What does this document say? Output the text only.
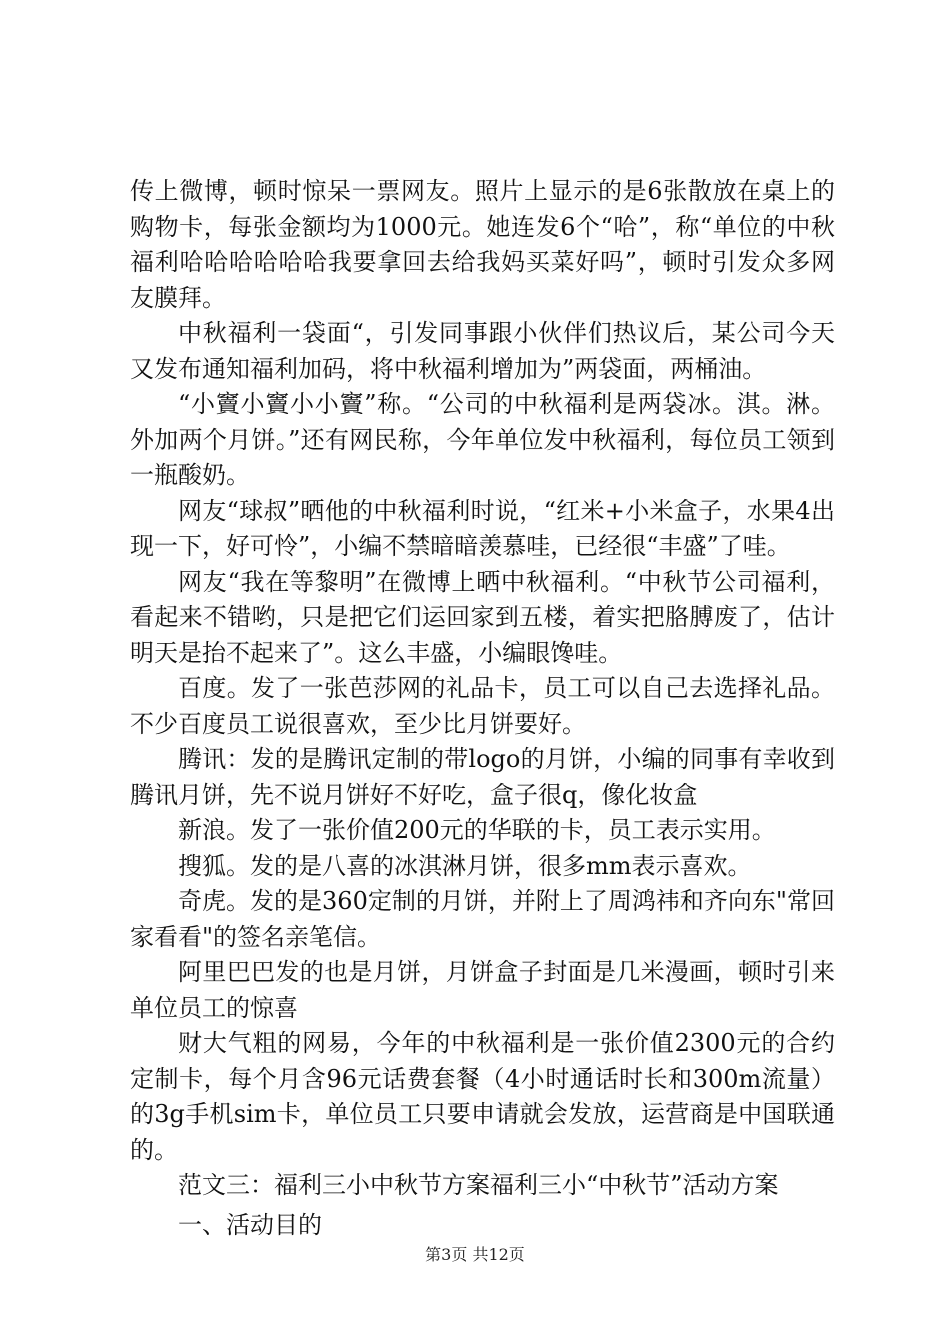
传上微博，顿时惊呆一票网友。照片上显示的是6张散放在桌上的购物卡，每张金额均为1000元。她连发6个“哈”，称“单位的中秋福利哈哈哈哈哈哈我要拿回去给我妈买菜好吗”，顿时引发众多网友膜拜。

中秋福利一袋面“，引发同事跟小伙伴们热议后，某公司今天又发布通知福利加码，将中秋福利增加为”两袋面，两桶油。

“小竇小竇小小竇”称。“公司的中秋福利是两袋冰。淇。淋。外加两个月饼。”还有网民称，今年单位发中秋福利，每位员工领到一瓶酸奶。

网友“球叔”晒他的中秋福利时说，“红米+小米盒子，水果4出现一下，好可怜”，小编不禁暗暗羡慕哇，已经很“丰盛”了哇。

网友“我在等黎明”在微博上晒中秋福利。“中秋节公司福利，看起来不错哟，只是把它们运回家到五楼，着实把胳膊废了，估计明天是抬不起来了”。这么丰盛，小编眼馋哇。

百度。发了一张芭莎网的礼品卡，员工可以自己去选择礼品。不少百度员工说很喜欢，至少比月饼要好。

腾讯：发的是腾讯定制的带logo的月饼，小编的同事有幸收到腾讯月饼，先不说月饼好不好吃，盒子很q，像化妆盒

新浪。发了一张价值200元的华联的卡，员工表示实用。

搜狐。发的是八喜的冰淇淋月饼，很多mm表示喜欢。

奇虎。发的是360定制的月饼，并附上了周鸿祎和齐向东"常回家看看"的签名亲笔信。

阿里巴巴发的也是月饼，月饼盒子封面是几米漫画，顿时引来单位员工的惊喜

财大气粗的网易，今年的中秋福利是一张价值2300元的合约定制卡，每个月含96元话费套餐（4小时通话时长和300m流量）的3g手机sim卡，单位员工只要申请就会发放，运营商是中国联通的。

范文三：福利三小中秋节方案福利三小“中秋节”活动方案

一、活动目的

第3页 共12页
